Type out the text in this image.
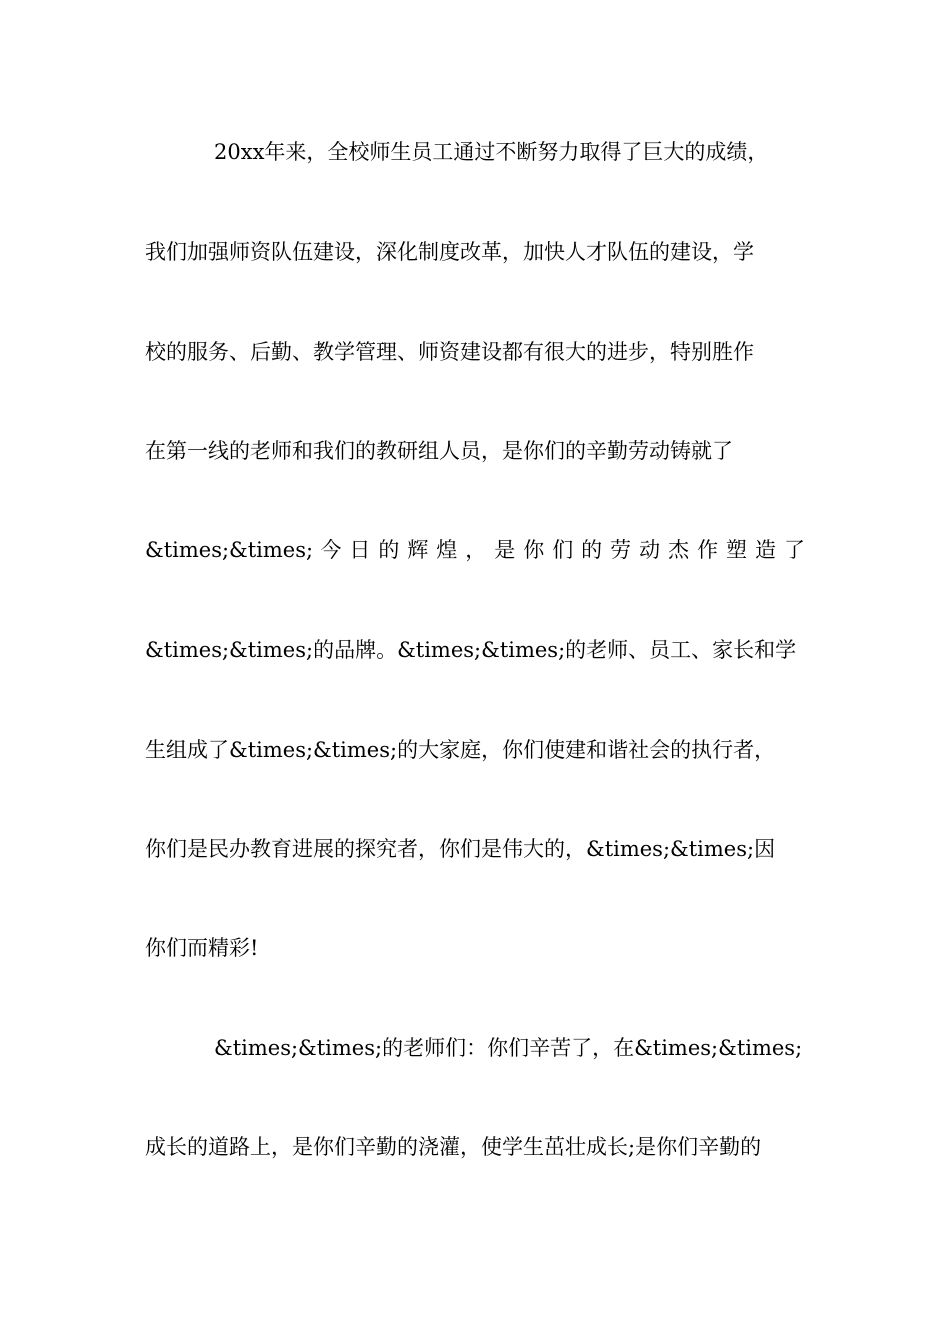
20xx年来，全校师生员工通过不断努力取得了巨大的成绩，
我们加强师资队伍建设，深化制度改革，加快人才队伍的建设，学
校的服务、后勤、教学管理、师资建设都有很大的进步，特别胜作
在第一线的老师和我们的教研组人员，是你们的辛勤劳动铸就了
&times;&times; 今 日 的 辉 煌 ， 是 你 们 的 劳 动 杰 作 塑 造 了
&times;&times;的品牌。&times;&times;的老师、员工、家长和学
生组成了&times;&times;的大家庭，你们使建和谐社会的执行者，
你们是民办教育进展的探究者，你们是伟大的，&times;&times;因
你们而精彩!
&times;&times;的老师们：你们辛苦了，在&times;&times;
成长的道路上，是你们辛勤的浇灌，使学生茁壮成长;是你们辛勤的
